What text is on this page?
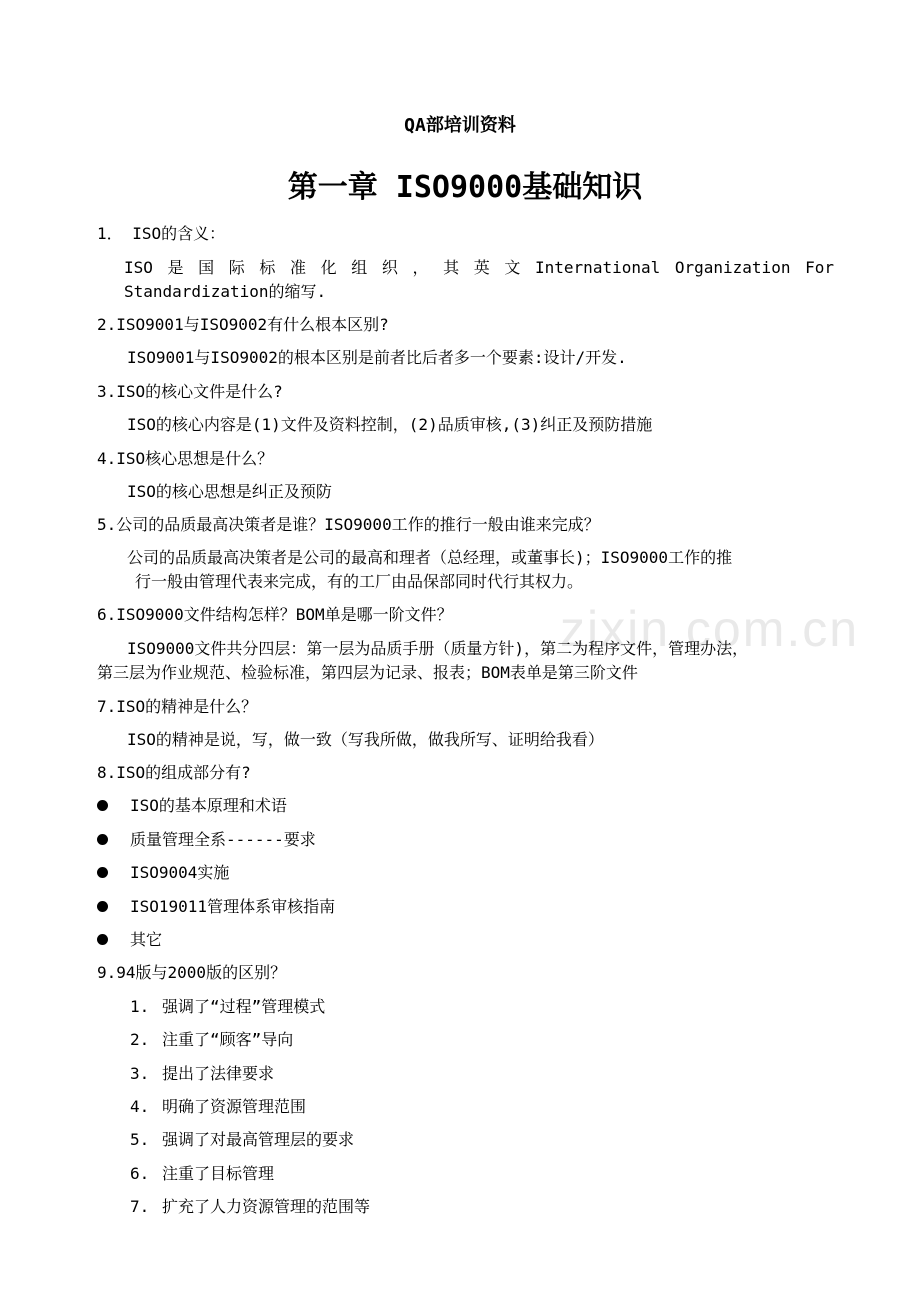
zixin.com.cn
QA部培训资料
第一章 ISO9000基础知识
1． ISO的含义：
ISO 是 国 际 标 准 化 组 织 ， 其 英 文 International Organization For
Standardization的缩写.
2.ISO9001与ISO9002有什么根本区别?
ISO9001与ISO9002的根本区别是前者比后者多一个要素:设计/开发.
3.ISO的核心文件是什么?
ISO的核心内容是(1)文件及资料控制，(2)品质审核,(3)纠正及预防措施
4.ISO核心思想是什么？
ISO的核心思想是纠正及预防
5.公司的品质最高决策者是谁？ISO9000工作的推行一般由谁来完成？
公司的品质最高决策者是公司的最高和理者（总经理，或董事长)；ISO9000工作的推
行一般由管理代表来完成，有的工厂由品保部同时代行其权力。
6.ISO9000文件结构怎样？BOM单是哪一阶文件？
ISO9000文件共分四层：第一层为品质手册（质量方针)，第二为程序文件，管理办法，
第三层为作业规范、检验标准，第四层为记录、报表；BOM表单是第三阶文件
7.ISO的精神是什么？
ISO的精神是说，写，做一致（写我所做，做我所写、证明给我看）
8.ISO的组成部分有?
ISO的基本原理和术语
质量管理全系------要求
ISO9004实施
ISO19011管理体系审核指南
其它
9.94版与2000版的区别？
1. 强调了“过程”管理模式
2. 注重了“顾客”导向
3. 提出了法律要求
4. 明确了资源管理范围
5. 强调了对最高管理层的要求
6. 注重了目标管理
7. 扩充了人力资源管理的范围等
